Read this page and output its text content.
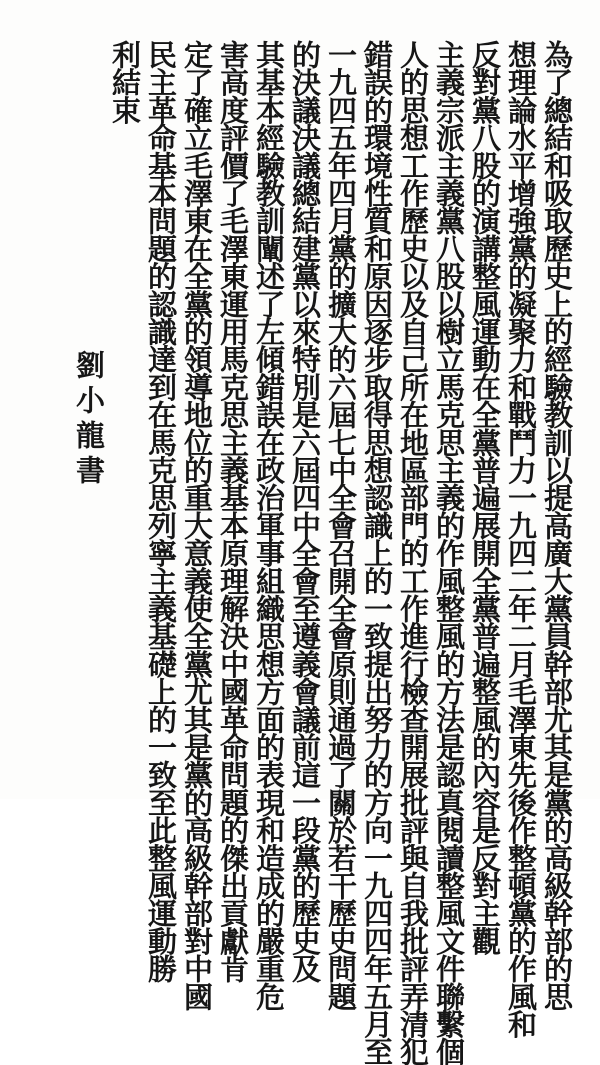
為了總結和吸取歷史上的經驗教訓以提高廣大黨員幹部尤其是黨的高級幹部的思
想理論水平增強黨的凝聚力和戰鬥力一九四二年二月毛澤東先後作整頓黨的作風和
反對黨八股的演講整風運動在全黨普遍展開全黨普遍整風的內容是反對主觀
主義宗派主義黨八股以樹立馬克思主義的作風整風的方法是認真閱讀整風文件聯繫個
人的思想工作歷史以及自己所在地區部門的工作進行檢查開展批評與自我批評弄清犯
錯誤的環境性質和原因逐步取得思想認識上的一致提出努力的方向一九四四年五月至
一九四五年四月黨的擴大的六屆七中全會召開全會原則通過了關於若干歷史問題
的決議決議總結建黨以來特別是六屆四中全會至遵義會議前這一段黨的歷史及
其基本經驗教訓闡述了左傾錯誤在政治軍事組織思想方面的表現和造成的嚴重危
害高度評價了毛澤東運用馬克思主義基本原理解決中國革命問題的傑出貢獻肯
定了確立毛澤東在全黨的領導地位的重大意義使全黨尤其是黨的高級幹部對中國
民主革命基本問題的認識達到在馬克思列寧主義基礎上的一致至此整風運動勝
利結束
劉小龍書
